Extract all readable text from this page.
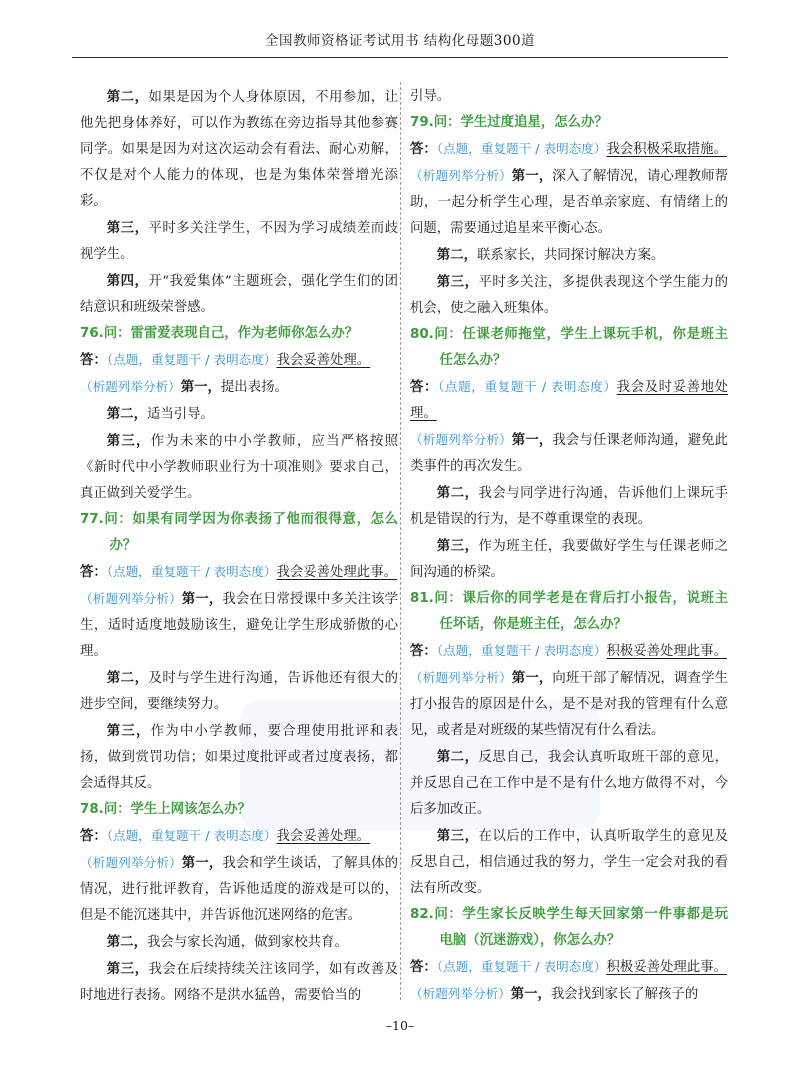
全国教师资格证考试用书 结构化母题300道

第二，如果是因为个人身体原因，不用参加，让他先把身体养好，可以作为教练在旁边指导其他参赛同学。如果是因为对这次运动会有看法、耐心劝解，不仅是对个人能力的体现，也是为集体荣誉增光添彩。

第三，平时多关注学生，不因为学习成绩差而歧视学生。

第四，开“我爱集体”主题班会，强化学生们的团结意识和班级荣誉感。

76.问：雷雷爱表现自己，作为老师你怎么办？

答：（点题，重复题干 / 表明态度）我会妥善处理。

（析题列举分析）第一，提出表扬。

第二，适当引导。

第三，作为未来的中小学教师，应当严格按照《新时代中小学教师职业行为十项准则》要求自己，真正做到关爱学生。

77.问：如果有同学因为你表扬了他而很得意，怎么办？

答：（点题，重复题干 / 表明态度）我会妥善处理此事。

（析题列举分析）第一，我会在日常授课中多关注该学生，适时适度地鼓励该生，避免让学生形成骄傲的心理。

第二，及时与学生进行沟通，告诉他还有很大的进步空间，要继续努力。

第三，作为中小学教师，要合理使用批评和表扬，做到赏罚功信；如果过度批评或者过度表扬，都会适得其反。

78.问：学生上网该怎么办？

答：（点题，重复题干 / 表明态度）我会妥善处理。

（析题列举分析）第一，我会和学生谈话，了解具体的情况，进行批评教育，告诉他适度的游戏是可以的，但是不能沉迷其中，并告诉他沉迷网络的危害。

第二，我会与家长沟通，做到家校共育。

第三，我会在后续持续关注该同学，如有改善及时地进行表扬。网络不是洪水猛兽，需要恰当的

引导。

79.问：学生过度追星，怎么办？

答：（点题，重复题干 / 表明态度）我会积极采取措施。

（析题列举分析）第一，深入了解情况，请心理教师帮助，一起分析学生心理，是否单亲家庭、有情绪上的问题，需要通过追星来平衡心态。

第二，联系家长，共同探讨解决方案。

第三，平时多关注，多提供表现这个学生能力的机会，使之融入班集体。

80.问：任课老师拖堂，学生上课玩手机，你是班主任怎么办？

答：（点题，重复题干 / 表明态度）我会及时妥善地处理。

（析题列举分析）第一，我会与任课老师沟通，避免此类事件的再次发生。

第二，我会与同学进行沟通，告诉他们上课玩手机是错误的行为，是不尊重课堂的表现。

第三，作为班主任，我要做好学生与任课老师之间沟通的桥梁。

81.问：课后你的同学老是在背后打小报告，说班主任坏话，你是班主任，怎么办？

答：（点题，重复题干 / 表明态度）积极妥善处理此事。

（析题列举分析）第一，向班干部了解情况，调查学生打小报告的原因是什么，是不是对我的管理有什么意见，或者是对班级的某些情况有什么看法。

第二，反思自己，我会认真听取班干部的意见，并反思自己在工作中是不是有什么地方做得不对，今后多加改正。

第三，在以后的工作中，认真听取学生的意见及反思自己，相信通过我的努力，学生一定会对我的看法有所改变。

82.问：学生家长反映学生每天回家第一件事都是玩电脑（沉迷游戏），你怎么办？

答：（点题，重复题干 / 表明态度）积极妥善处理此事。

（析题列举分析）第一，我会找到家长了解孩子的

–10–
